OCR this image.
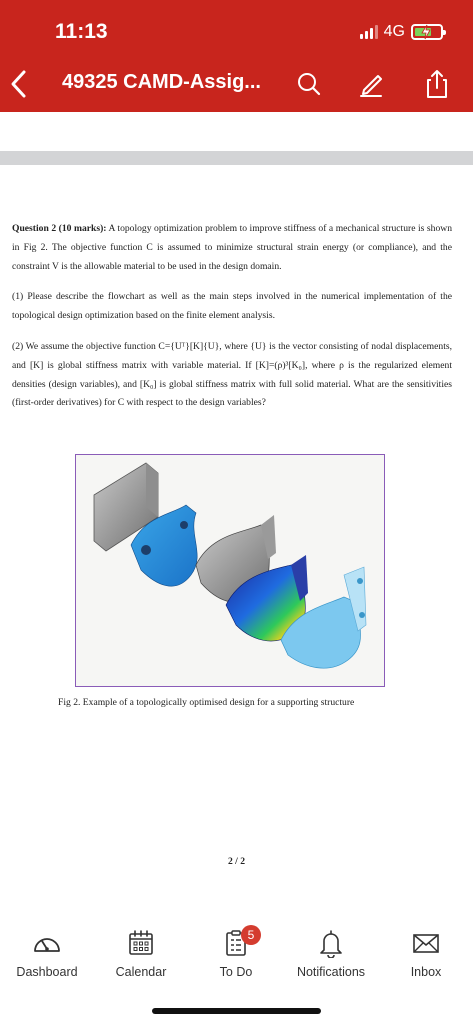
11:13	4G
49325 CAMD-Assig...

Question 2 (10 marks): A topology optimization problem to improve stiffness of a mechanical structure is shown in Fig 2. The objective function C is assumed to minimize structural strain energy (or compliance), and the constraint V is the allowable material to be used in the design domain.

(1) Please describe the flowchart as well as the main steps involved in the numerical implementation of the topological design optimization based on the finite element analysis.

(2) We assume the objective function C={Uᵀ}[K]{U}, where {U} is the vector consisting of nodal displacements, and [K] is global stiffness matrix with variable material. If [K]=(ρ)³[K₀], where ρ is the regularized element densities (design variables), and [K₀] is global stiffness matrix with full solid material. What are the sensitivities (first-order derivatives) for C with respect to the design variables?

Fig 2. Example of a topologically optimised design for a supporting structure
2 / 2
Dashboard	Calendar
5
To Do	Notifications	Inbox
